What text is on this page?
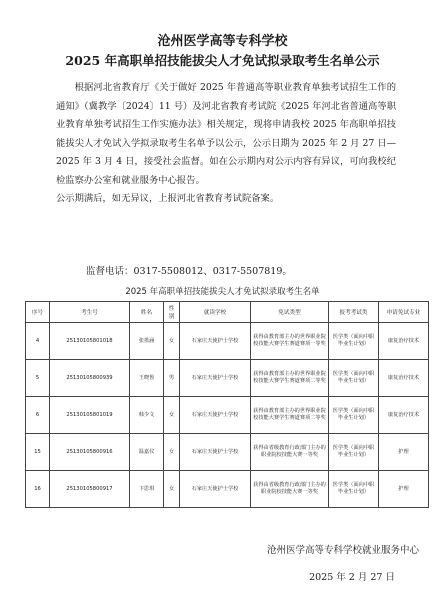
沧州医学高等专科学校
2025 年高职单招技能拔尖人才免试拟录取考生名单公示

根据河北省教育厅《关于做好 2025 年普通高等职业教育单独考试招生工作的通知》（冀教学〔2024〕11 号）及河北省教育考试院《2025 年河北省普通高等职业教育单独考试招生工作实施办法》相关规定，现将申请我校 2025 年高职单招技能拔尖人才免试入学拟录取考生名单予以公示，公示日期为 2025 年 2 月 27 日—2025 年 3 月 4 日，接受社会监督。如在公示期内对公示内容有异议，可向我校纪检监察办公室和就业服务中心报告。

公示期满后，如无异议，上报河北省教育考试院备案。

监督电话：0317-5508012、0317-5507819。
2025 年高职单招技能拔尖人才免试拟录取考生名单
序号	考生号	姓名	性别	就读学校	免试类型	报考考试类	申请免试专业
4	25130105801018	张墨涵	女	石家庄天使护士学校	获得由教育部主办的世界职业院校技能大赛学生赛道赛项一等奖	医学类（面向中职毕业生计划）	康复治疗技术
5	25130105800939	王晓鲁	男	石家庄天使护士学校	获得由教育部主办的世界职业院校技能大赛学生赛道赛项二等奖	医学类（面向中职毕业生计划）	康复治疗技术
6	25130105801019	韩少文	女	石家庄天使护士学校	获得由教育部主办的世界职业院校技能大赛学生赛道赛项二等奖	医学类（面向中职毕业生计划）	康复治疗技术
15	25130105800916	温嘉仪	女	石家庄天使护士学校	获得由省级教育行政部门主办的职业院校技能大赛一等奖	医学类（面向中职毕业生计划）	护理
16	25130105800917	卞思琪	女	石家庄天使护士学校	获得由省级教育行政部门主办的职业院校技能大赛一等奖	医学类（面向中职毕业生计划）	护理
沧州医学高等专科学校就业服务中心
2025 年 2 月 27 日
